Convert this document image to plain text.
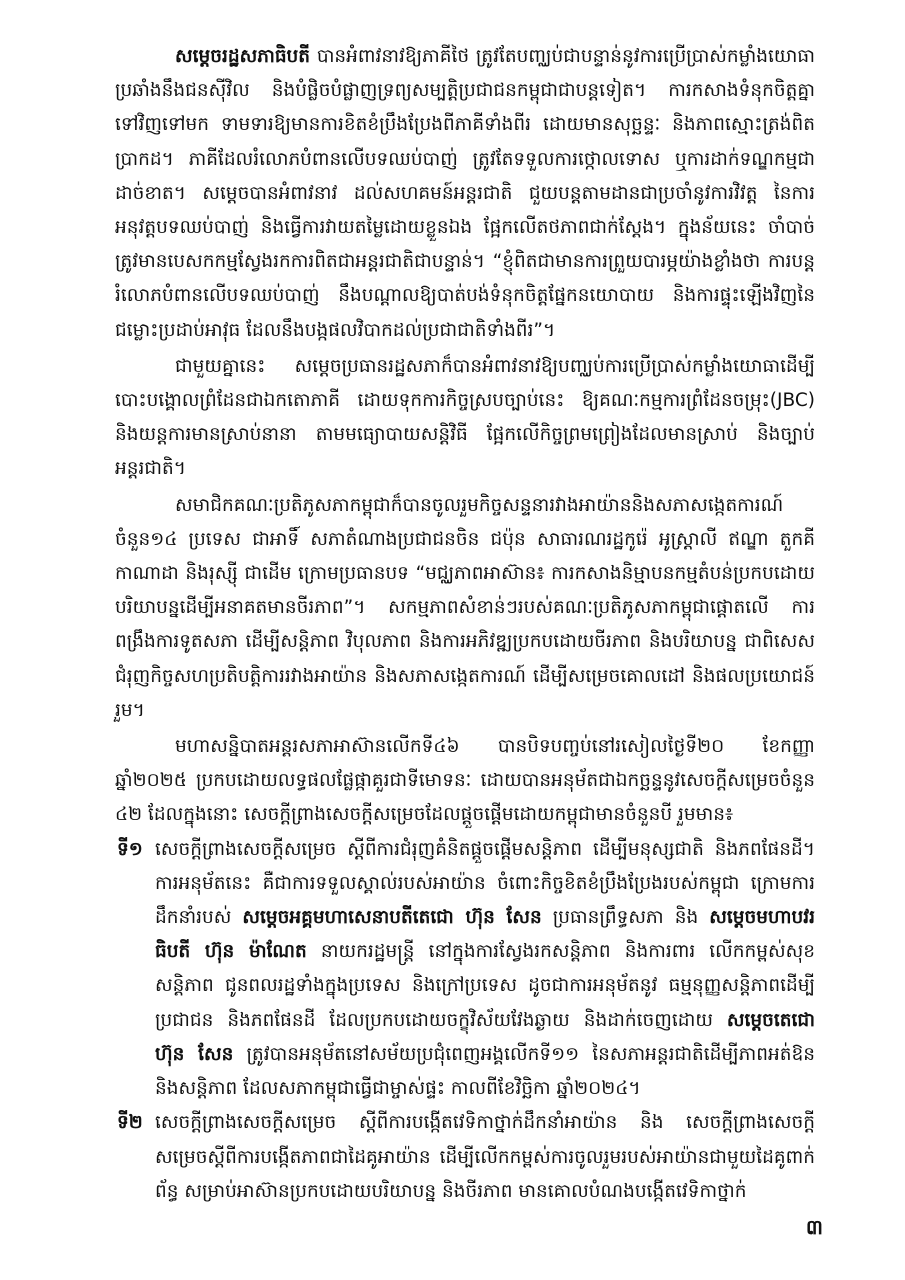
សម្តេចរដ្ឋសភាធិបតី បានអំពាវនាវឱ្យភាគីថៃ ត្រូវតែបញ្ឈប់ជាបន្ទាន់នូវការប្រើប្រាស់កម្លាំងយោធាប្រឆាំងនឹងជនស៊ីវិល និងបំផ្លិចបំផ្លាញទ្រព្យសម្បត្តិប្រជាជនកម្ពុជាជាបន្តទៀត។ ការកសាងទំនុកចិត្តគ្នាទៅវិញទៅមក ទាមទារឱ្យមានការខិតខំប្រឹងប្រែងពីភាគីទាំងពីរ ដោយមានសុច្ឆន្ទៈ និងភាពស្មោះត្រង់ពិតប្រាកដ។ ភាគីដែលរំលោភបំពានលើបទឈប់បាញ់ ត្រូវតែទទួលការថ្កោលទោស ឬការដាក់ទណ្ឌកម្មជាដាច់ខាត។ សម្តេចបានអំពាវនាវ ដល់សហគមន៍អន្តរជាតិ ជួយបន្តតាមដានជាប្រចាំនូវការវិវត្ត នៃការអនុវត្តបទឈប់បាញ់ និងធ្វើការវាយតម្លៃដោយខ្លួនឯង ផ្អែកលើតថភាពជាក់ស្តែង។ ក្នុងន័យនេះ ចាំបាច់ត្រូវមានបេសកកម្មស្វែងរកការពិតជាអន្តរជាតិជាបន្ទាន់។ “ខ្ញុំពិតជាមានការព្រួយបារម្ភយ៉ាងខ្លាំងថា ការបន្តរំលោភបំពានលើបទឈប់បាញ់ នឹងបណ្តាលឱ្យបាត់បង់ទំនុកចិត្តផ្នែកនយោបាយ និងការផ្ទុះឡើងវិញនៃជម្លោះប្រដាប់អាវុធ ដែលនឹងបង្កផលវិបាកដល់ប្រជាជាតិទាំងពីរ”។

ជាមួយគ្នានេះ សម្តេចប្រធានរដ្ឋសភាក៏បានអំពាវនាវឱ្យបញ្ឈប់ការប្រើប្រាស់កម្លាំងយោធាដើម្បីបោះបង្គោលព្រំដែនជាឯកតោភាគី ដោយទុកការកិច្ចស្របច្បាប់នេះ ឱ្យគណៈកម្មការព្រំដែនចម្រុះ(JBC) និងយន្តការមានស្រាប់នានា តាមមធ្យោបាយសន្តិវិធី ផ្អែកលើកិច្ចព្រមព្រៀងដែលមានស្រាប់ និងច្បាប់អន្តរជាតិ។

សមាជិកគណៈប្រតិភូសភាកម្ពុជាក៏បានចូលរួមកិច្ចសន្ទនារវាងអាយ៉ាននិងសភាសង្កេតការណ៍ចំនួន១៤ ប្រទេស ជាអាទិ៍ សភាតំណាងប្រជាជនចិន ជប៉ុន សាធារណរដ្ឋកូរ៉េ អូស្ត្រាលី ឥណ្ឌា តួកគី កាណាដា និងរុស្ស៊ី ជាដើម ក្រោមប្រធានបទ “មជ្ឈភាពអាស៊ាន៖ ការកសាងនិម្មាបនកម្មតំបន់ប្រកបដោយបរិយាបន្នដើម្បីអនាគតមានចីរភាព”។ សកម្មភាពសំខាន់ៗរបស់គណៈប្រតិភូសភាកម្ពុជាផ្តោតលើ ការពង្រឹងការទូតសភា ដើម្បីសន្តិភាព វិបុលភាព និងការអភិវឌ្ឍប្រកបដោយចីរភាព និងបរិយាបន្ន ជាពិសេសជំរុញកិច្ចសហប្រតិបត្តិការរវាងអាយ៉ាន និងសភាសង្កេតការណ៍ ដើម្បីសម្រេចគោលដៅ និងផលប្រយោជន៍រួម។

មហាសន្និបាតអន្តរសភាអាស៊ានលើកទី៤៦ បានបិទបញ្ចប់នៅរសៀលថ្ងៃទី២០ ខែកញ្ញា ឆ្នាំ២០២៥ ប្រកបដោយលទ្ធផលផ្លែផ្កាគួរជាទីមោទនៈ ដោយបានអនុម័តជាឯកច្ឆន្ទនូវសេចក្តីសម្រេចចំនួន ៤២ ដែលក្នុងនោះ សេចក្តីព្រាងសេចក្តីសម្រេចដែលផ្តួចផ្តើមដោយកម្ពុជាមានចំនួនបី រួមមាន៖

ទី១ សេចក្តីព្រាងសេចក្តីសម្រេច ស្តីពីការជំរុញគំនិតផ្តួចផ្តើមសន្តិភាព ដើម្បីមនុស្សជាតិ និងភពផែនដី។ ការអនុម័តនេះ គឺជាការទទួលស្គាល់របស់អាយ៉ាន ចំពោះកិច្ចខិតខំប្រឹងប្រែងរបស់កម្ពុជា ក្រោមការដឹកនាំរបស់ សម្តេចអគ្គមហាសេនាបតីតេជោ ហ៊ុន សែន ប្រធានព្រឹទ្ធសភា និង សម្តេចមហាបវរធិបតី ហ៊ុន ម៉ាណែត នាយករដ្ឋមន្ត្រី នៅក្នុងការស្វែងរកសន្តិភាព និងការពារ លើកកម្ពស់សុខសន្តិភាព ជូនពលរដ្ឋទាំងក្នុងប្រទេស និងក្រៅប្រទេស ដូចជាការអនុម័តនូវ ធម្មនុញ្ញសន្តិភាពដើម្បីប្រជាជន និងភពផែនដី ដែលប្រកបដោយចក្ខុវិស័យវែងឆ្ងាយ និងដាក់ចេញដោយ សម្តេចតេជោ ហ៊ុន សែន ត្រូវបានអនុម័តនៅសម័យប្រជុំពេញអង្គលើកទី១១ នៃសភាអន្តរជាតិដើម្បីភាពអត់ឱន និងសន្តិភាព ដែលសភាកម្ពុជាធ្វើជាម្ចាស់ផ្ទះ កាលពីខែវិច្ឆិកា ឆ្នាំ២០២៤។

ទី២ សេចក្តីព្រាងសេចក្តីសម្រេច ស្តីពីការបង្កើតវេទិកាថ្នាក់ដឹកនាំអាយ៉ាន និង សេចក្តីព្រាងសេចក្តីសម្រេចស្តីពីការបង្កើតភាពជាដៃគូអាយ៉ាន ដើម្បីលើកកម្ពស់ការចូលរួមរបស់អាយ៉ានជាមួយដៃគូពាក់ព័ន្ធ សម្រាប់អាស៊ានប្រកបដោយបរិយាបន្ន និងចីរភាព មានគោលបំណងបង្កើតវេទិកាថ្នាក់

៣
